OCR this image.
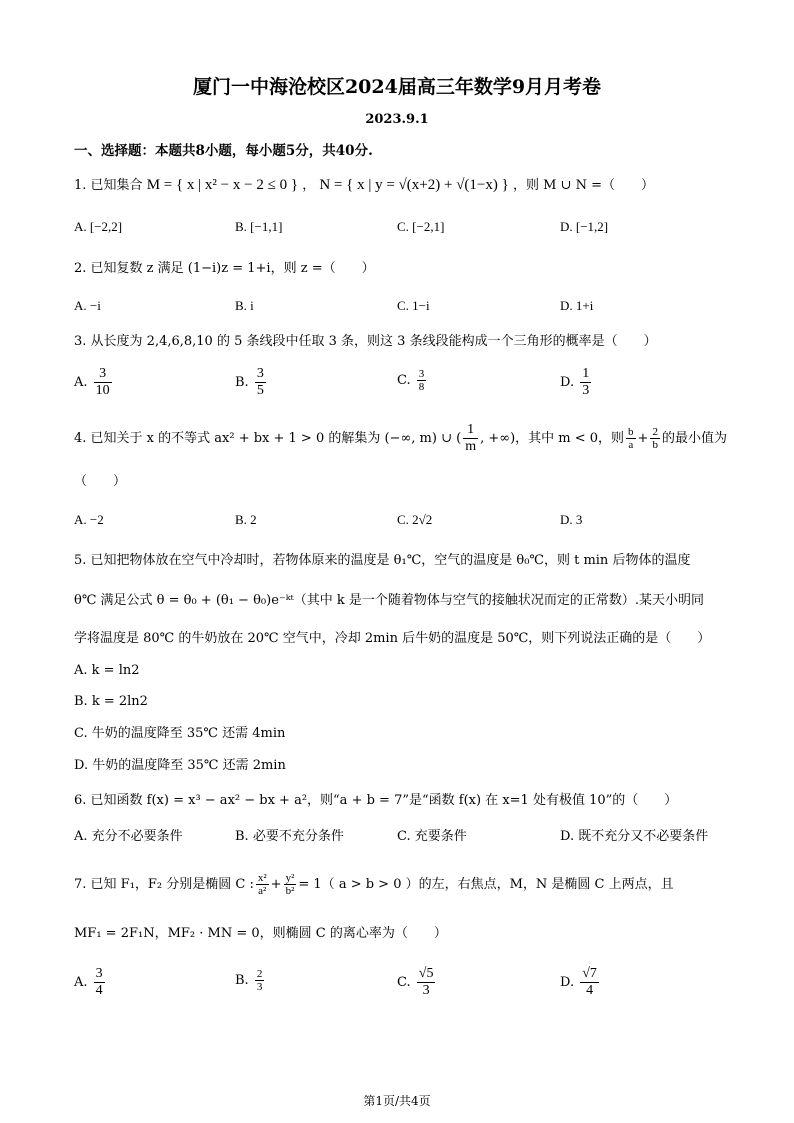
厦门一中海沧校区2024届高三年数学9月月考卷
2023.9.1
一、选择题：本题共8小题，每小题5分，共40分.
1. 已知集合 M = { x | x² − x − 2 ≤ 0 } ， N = { x | y = √(x+2) + √(1−x) } ，则 M ∪ N =（　　）
A. [−2,2]	B. [−1,1]	C. [−2,1]	D. [−1,2]
2. 已知复数 z 满足 (1−i)z = 1+i，则 z =（　　）
A. −i	B. i	C. 1−i	D. 1+i
3. 从长度为 2,4,6,8,10 的 5 条线段中任取 3 条，则这 3 条线段能构成一个三角形的概率是（　　）
A. $\frac{3}{10}$	B. $\frac{3}{5}$	C. $\frac{3}{8}$	D. $\frac{1}{3}$
4. 已知关于 x 的不等式 ax² + bx + 1 > 0 的解集为 (−∞, m) ∪ ( $\frac{1}{m}$ , +∞)，其中 m < 0，则 $\frac{b}{a} + \frac{2}{b}$ 的最小值为
（　　）
A. −2	B. 2	C. 2√2	D. 3
5. 已知把物体放在空气中冷却时，若物体原来的温度是 θ₁℃，空气的温度是 θ₀℃，则 t min 后物体的温度
θ℃ 满足公式 θ = θ₀ + (θ₁ − θ₀)e⁻ᵏᵗ（其中 k 是一个随着物体与空气的接触状况而定的正常数）.某天小明同
学将温度是 80℃ 的牛奶放在 20℃ 空气中，冷却 2min 后牛奶的温度是 50℃，则下列说法正确的是（　　）
A. k = ln2
B. k = 2ln2
C. 牛奶的温度降至 35℃ 还需 4min
D. 牛奶的温度降至 35℃ 还需 2min
6. 已知函数 f(x) = x³ − ax² − bx + a²，则“a + b = 7”是“函数 f(x) 在 x=1 处有极值 10”的（　　）
A. 充分不必要条件	B. 必要不充分条件	C. 充要条件	D. 既不充分又不必要条件
7. 已知 F₁，F₂ 分别是椭圆 C : $\frac{\text{x²}}{\text{a²}} + \frac{\text{y²}}{\text{b²}} = 1$（ a > b > 0 ）的左，右焦点，M，N 是椭圆 C 上两点，且
MF₁ = 2F₁N，MF₂ · MN = 0，则椭圆 C 的离心率为（　　）
A. $\frac{3}{4}$	B. $\frac{2}{3}$	C. $\frac{√5}{3}$	D. $\frac{√7}{4}$
第1页/共4页
